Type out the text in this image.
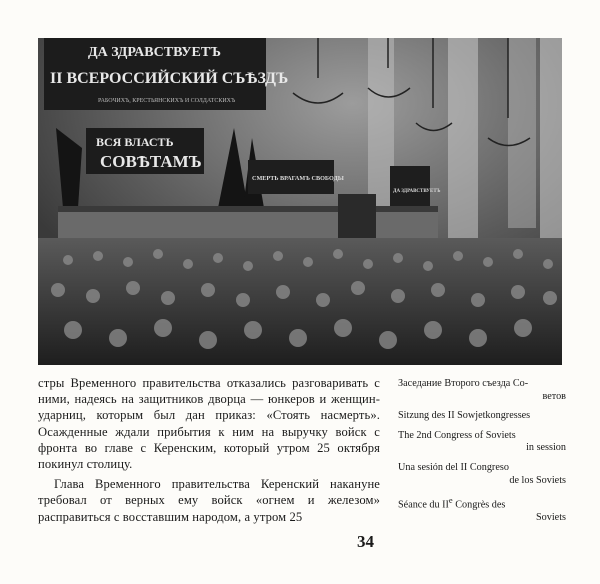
ДА ЗДРАВСТВУЕТЪ
II ВСЕРОССИЙСКИЙ СЪѢЗДЪ
РАБОЧИХЪ, КРЕСТЬЯНСКИХЪ И СОЛДАТСКИХЪ
ВСЯ ВЛАСТЬ
СОВѢТАМЪ
СМЕРТЬ ВРАГАМЪ СВОБОДЫ
ДА ЗДРАВСТВУЕТЪ

стры Временного правительства отказались разговаривать с ними, надеясь на защитников дворца — юнкеров и женщин-ударниц, которым был дан приказ: «Стоять насмерть». Осажденные ждали прибытия к ним на выручку войск с фронта во главе с Керенским, который утром 25 октября покинул столицу.

Глава Временного правительства Керенский накануне требовал от верных ему войск «огнем и железом» расправиться с восставшим народом, а утром 25

Заседание Второго съезда Со-
ветов

Sitzung des II Sowjetkongresses

The 2nd Congress of Soviets
in session

Una sesión del II Congreso
de los Soviets

Séance du IIe Congrès des
Soviets

34
